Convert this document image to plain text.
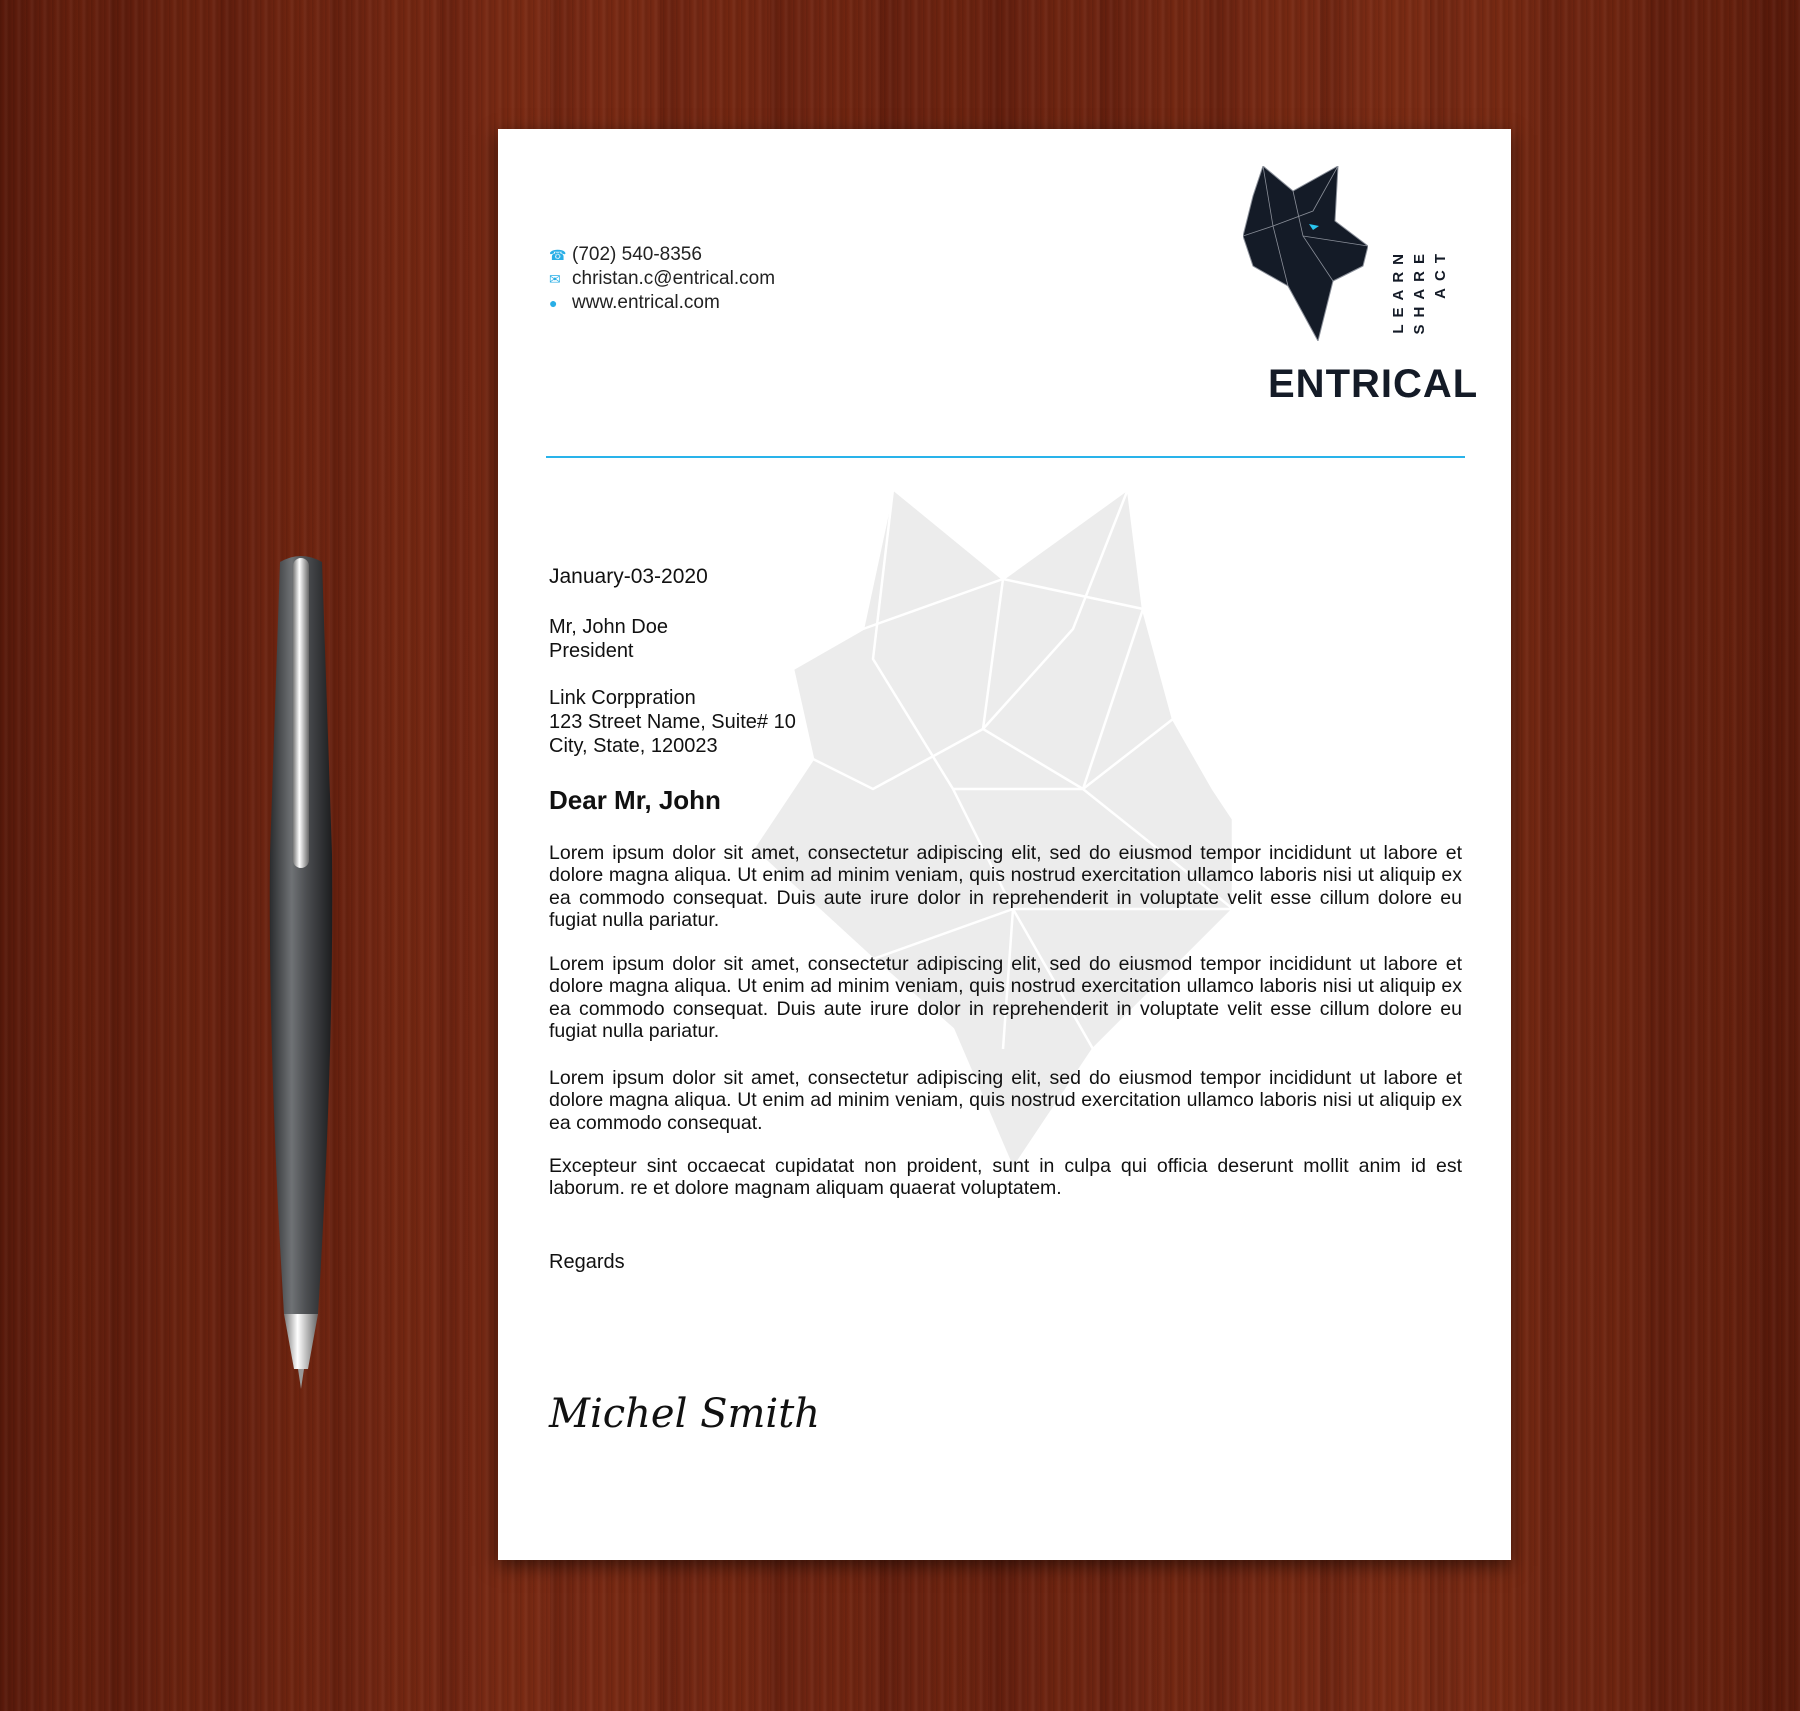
☎ (702) 540-8356
✉ christan.c@entrical.com
● www.entrical.com	LEARN SHARE ACT
ENTRICAL
January-03-2020
Mr, John Doe
President
Link Corppration
123 Street Name, Suite# 10
City, State, 120023
Dear Mr, John
Lorem ipsum dolor sit amet, consectetur adipiscing elit, sed do eiusmod tempor incididunt ut labore et dolore magna aliqua. Ut enim ad minim veniam, quis nostrud exercitation ullamco laboris nisi ut aliquip ex ea commodo consequat. Duis aute irure dolor in reprehenderit in voluptate velit esse cillum dolore eu fugiat nulla pariatur.
Lorem ipsum dolor sit amet, consectetur adipiscing elit, sed do eiusmod tempor incididunt ut labore et dolore magna aliqua. Ut enim ad minim veniam, quis nostrud exercitation ullamco laboris nisi ut aliquip ex ea commodo consequat. Duis aute irure dolor in reprehenderit in voluptate velit esse cillum dolore eu fugiat nulla pariatur.
Lorem ipsum dolor sit amet, consectetur adipiscing elit, sed do eiusmod tempor incididunt ut labore et dolore magna aliqua. Ut enim ad minim veniam, quis nostrud exercitation ullamco laboris nisi ut aliquip ex ea commodo consequat.
Excepteur sint occaecat cupidatat non proident, sunt in culpa qui officia deserunt mollit anim id est laborum. re et dolore magnam aliquam quaerat voluptatem.
Regards
Michel Smith
